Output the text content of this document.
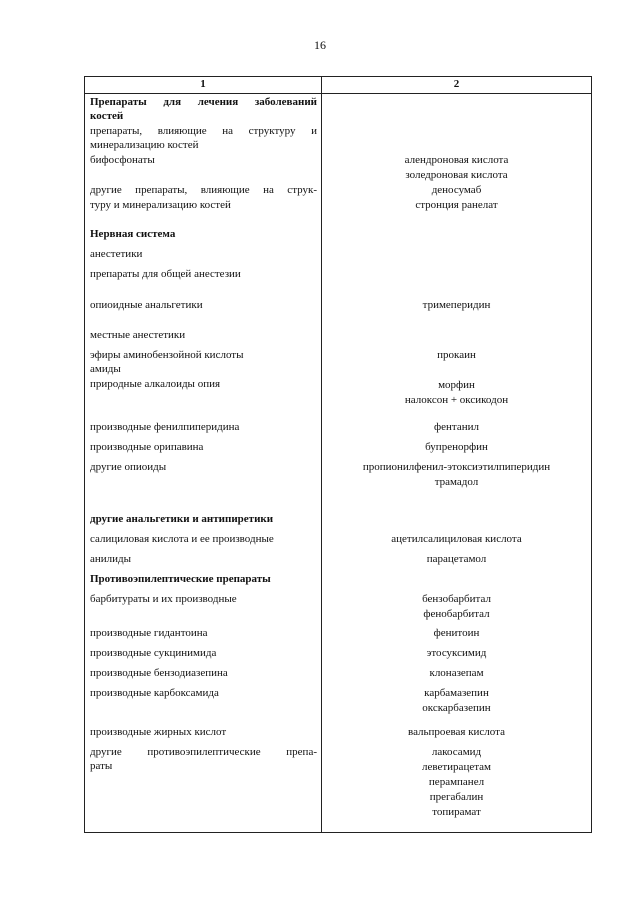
16
1	2
Препараты для лечения заболеваний
костей
препараты, влияющие на структуру и
минерализацию костей
бифосфонаты
другие препараты, влияющие на струк-
туру и минерализацию костей
Нервная система
анестетики
препараты для общей анестезии
опиоидные анальгетики
местные анестетики
эфиры аминобензойной кислоты
амиды
природные алкалоиды опия
производные фенилпиперидина
производные орипавина
другие опиоиды
другие анальгетики и антипиретики
салициловая кислота и ее производные
анилиды
Противоэпилептические препараты
барбитураты и их производные
производные гидантоина
производные сукцинимида
производные бензодиазепина
производные карбоксамида
производные жирных кислот
другие противоэпилептические препа-
раты
алендроновая кислота
золедроновая кислота
деносумаб
стронция ранелат
тримеперидин
прокаин
морфин
налоксон + оксикодон
фентанил
бупренорфин
пропионилфенил-этоксиэтилпиперидин
трамадол
ацетилсалициловая кислота
парацетамол
бензобарбитал
фенобарбитал
фенитоин
этосуксимид
клоназепам
карбамазепин
окскарбазепин
вальпроевая кислота
лакосамид
леветирацетам
перампанел
прегабалин
топирамат
